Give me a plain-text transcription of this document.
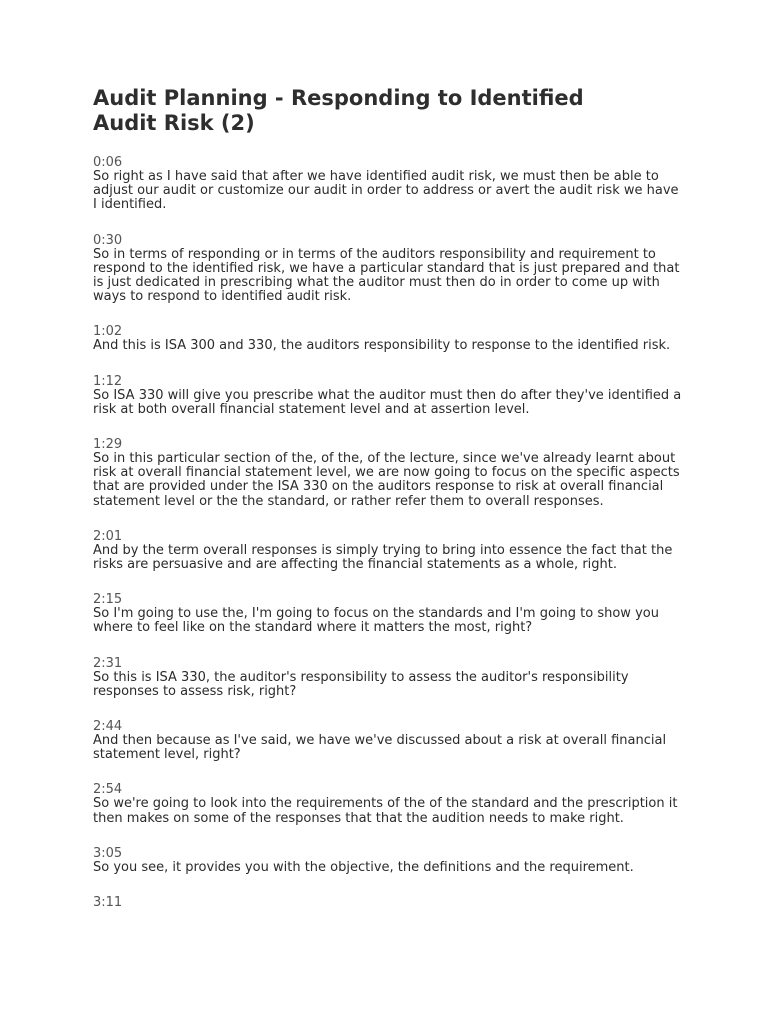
Audit Planning - Responding to Identified Audit Risk (2)
0:06
So right as I have said that after we have identified audit risk, we must then be able to adjust our audit or customize our audit in order to address or avert the audit risk we have I identified.
0:30
So in terms of responding or in terms of the auditors responsibility and requirement to respond to the identified risk, we have a particular standard that is just prepared and that is just dedicated in prescribing what the auditor must then do in order to come up with ways to respond to identified audit risk.
1:02
And this is ISA 300 and 330, the auditors responsibility to response to the identified risk.
1:12
So ISA 330 will give you prescribe what the auditor must then do after they've identified a risk at both overall financial statement level and at assertion level.
1:29
So in this particular section of the, of the, of the lecture, since we've already learnt about risk at overall financial statement level, we are now going to focus on the specific aspects that are provided under the ISA 330 on the auditors response to risk at overall financial statement level or the the standard, or rather refer them to overall responses.
2:01
And by the term overall responses is simply trying to bring into essence the fact that the risks are persuasive and are affecting the financial statements as a whole, right.
2:15
So I'm going to use the, I'm going to focus on the standards and I'm going to show you where to feel like on the standard where it matters the most, right?
2:31
So this is ISA 330, the auditor's responsibility to assess the auditor's responsibility responses to assess risk, right?
2:44
And then because as I've said, we have we've discussed about a risk at overall financial statement level, right?
2:54
So we're going to look into the requirements of the of the standard and the prescription it then makes on some of the responses that that the audition needs to make right.
3:05
So you see, it provides you with the objective, the definitions and the requirement.
3:11
